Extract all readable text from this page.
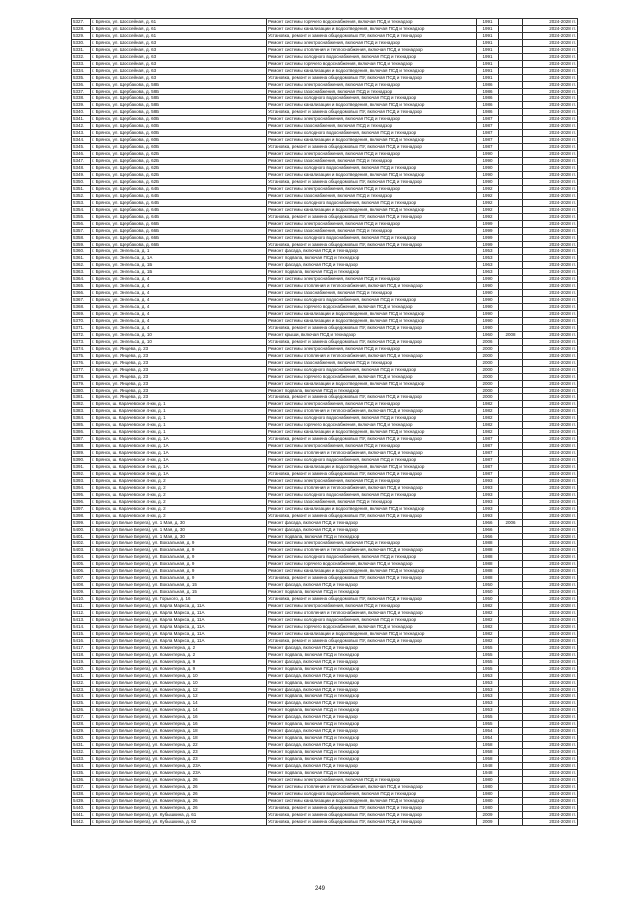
5327.	г. Брянск, ул. Шоссейная, д. 61	Ремонт системы горячего водоснабжения, включая ПСД и технадзор	1991		2024-2028 гг.
5328.	г. Брянск, ул. Шоссейная, д. 61	Ремонт системы канализации и водоотведения, включая ПСД и технадзор	1991		2024-2028 гг.
5329.	г. Брянск, ул. Шоссейная, д. 61	Установка, ремонт и замена общедомовых ПУ, включая ПСД и технадзор	1991		2024-2028 гг.
5330.	г. Брянск, ул. Шоссейная, д. 63	Ремонт системы электроснабжения, включая ПСД и технадзор	1991		2024-2028 гг.
5331.	г. Брянск, ул. Шоссейная, д. 63	Ремонт системы отопления и теплоснабжения, включая ПСД и технадзор	1991		2024-2028 гг.
5332.	г. Брянск, ул. Шоссейная, д. 63	Ремонт системы холодного водоснабжения, включая ПСД и технадзор	1991		2024-2028 гг.
5333.	г. Брянск, ул. Шоссейная, д. 63	Ремонт системы горячего водоснабжения, включая ПСД и технадзор	1991		2024-2028 гг.
5334.	г. Брянск, ул. Шоссейная, д. 63	Ремонт системы канализации и водоотведения, включая ПСД и технадзор	1991		2024-2028 гг.
5335.	г. Брянск, ул. Шоссейная, д. 63	Установка, ремонт и замена общедомовых ПУ, включая ПСД и технадзор	1991		2024-2028 гг.
5336.	г. Брянск, ул. Щербакова, д. 58Б	Ремонт системы электроснабжения, включая ПСД и технадзор	1986		2024-2028 гг.
5337.	г. Брянск, ул. Щербакова, д. 58Б	Ремонт системы газоснабжения, включая ПСД и технадзор	1986		2024-2028 гг.
5338.	г. Брянск, ул. Щербакова, д. 58Б	Ремонт системы холодного водоснабжения, включая ПСД и технадзор	1986		2024-2028 гг.
5339.	г. Брянск, ул. Щербакова, д. 58Б	Ремонт системы канализации и водоотведения, включая ПСД и технадзор	1986		2024-2028 гг.
5340.	г. Брянск, ул. Щербакова, д. 58Б	Установка, ремонт и замена общедомовых ПУ, включая ПСД и технадзор	1986		2024-2028 гг.
5341.	г. Брянск, ул. Щербакова, д. 60Б	Ремонт системы электроснабжения, включая ПСД и технадзор	1987		2024-2028 гг.
5342.	г. Брянск, ул. Щербакова, д. 60Б	Ремонт системы газоснабжения, включая ПСД и технадзор	1987		2024-2028 гг.
5343.	г. Брянск, ул. Щербакова, д. 60Б	Ремонт системы холодного водоснабжения, включая ПСД и технадзор	1987		2024-2028 гг.
5344.	г. Брянск, ул. Щербакова, д. 60Б	Ремонт системы канализации и водоотведения, включая ПСД и технадзор	1987		2024-2028 гг.
5345.	г. Брянск, ул. Щербакова, д. 60Б	Установка, ремонт и замена общедомовых ПУ, включая ПСД и технадзор	1987		2024-2028 гг.
5346.	г. Брянск, ул. Щербакова, д. 62Б	Ремонт системы электроснабжения, включая ПСД и технадзор	1990		2024-2028 гг.
5347.	г. Брянск, ул. Щербакова, д. 62Б	Ремонт системы газоснабжения, включая ПСД и технадзор	1990		2024-2028 гг.
5348.	г. Брянск, ул. Щербакова, д. 62Б	Ремонт системы холодного водоснабжения, включая ПСД и технадзор	1990		2024-2028 гг.
5349.	г. Брянск, ул. Щербакова, д. 62Б	Ремонт системы канализации и водоотведения, включая ПСД и технадзор	1990		2024-2028 гг.
5350.	г. Брянск, ул. Щербакова, д. 62Б	Установка, ремонт и замена общедомовых ПУ, включая ПСД и технадзор	1990		2024-2028 гг.
5351.	г. Брянск, ул. Щербакова, д. 64Б	Ремонт системы электроснабжения, включая ПСД и технадзор	1992		2024-2028 гг.
5352.	г. Брянск, ул. Щербакова, д. 64Б	Ремонт системы газоснабжения, включая ПСД и технадзор	1992		2024-2028 гг.
5353.	г. Брянск, ул. Щербакова, д. 64Б	Ремонт системы холодного водоснабжения, включая ПСД и технадзор	1992		2024-2028 гг.
5354.	г. Брянск, ул. Щербакова, д. 64Б	Ремонт системы канализации и водоотведения, включая ПСД и технадзор	1992		2024-2028 гг.
5355.	г. Брянск, ул. Щербакова, д. 64Б	Установка, ремонт и замена общедомовых ПУ, включая ПСД и технадзор	1992		2024-2028 гг.
5356.	г. Брянск, ул. Щербакова, д. 66Б	Ремонт системы электроснабжения, включая ПСД и технадзор	1999		2024-2028 гг.
5357.	г. Брянск, ул. Щербакова, д. 66Б	Ремонт системы газоснабжения, включая ПСД и технадзор	1999		2024-2028 гг.
5358.	г. Брянск, ул. Щербакова, д. 66Б	Ремонт системы холодного водоснабжения, включая ПСД и технадзор	1999		2024-2028 гг.
5359.	г. Брянск, ул. Щербакова, д. 66Б	Установка, ремонт и замена общедомовых ПУ, включая ПСД и технадзор	1999		2024-2028 гг.
5360.	г. Брянск, ул. Энгельса, д. 1	Ремонт фасада, включая ПСД и технадзор	1953		2024-2028 гг.
5361.	г. Брянск, ул. Энгельса, д. 1А	Ремонт подвала, включая ПСД и технадзор	1953		2024-2028 гг.
5362.	г. Брянск, ул. Энгельса, д. 1Б	Ремонт фасада, включая ПСД и технадзор	1963		2024-2028 гг.
5363.	г. Брянск, ул. Энгельса, д. 1Б	Ремонт подвала, включая ПСД и технадзор	1963		2024-2028 гг.
5364.	г. Брянск, ул. Энгельса, д. 4	Ремонт системы электроснабжения, включая ПСД и технадзор	1990		2024-2028 гг.
5365.	г. Брянск, ул. Энгельса, д. 4	Ремонт системы отопления и теплоснабжения, включая ПСД и технадзор	1990		2024-2028 гг.
5366.	г. Брянск, ул. Энгельса, д. 4	Ремонт системы газоснабжения, включая ПСД и технадзор	1990		2024-2028 гг.
5367.	г. Брянск, ул. Энгельса, д. 4	Ремонт системы холодного водоснабжения, включая ПСД и технадзор	1990		2024-2028 гг.
5368.	г. Брянск, ул. Энгельса, д. 4	Ремонт системы горячего водоснабжения, включая ПСД и технадзор	1990		2024-2028 гг.
5369.	г. Брянск, ул. Энгельса, д. 4	Ремонт системы канализации и водоотведения, включая ПСД и технадзор	1990		2024-2028 гг.
5370.	г. Брянск, ул. Энгельса, д. 4	Ремонт системы канализации и водоотведения, включая ПСД и технадзор	1990		2024-2028 гг.
5371.	г. Брянск, ул. Энгельса, д. 4	Установка, ремонт и замена общедомовых ПУ, включая ПСД и технадзор	1990		2024-2028 гг.
5372.	г. Брянск, ул. Энгельса, д. 10	Ремонт крыши, включая ПСД и технадзор	1960	2008	2024-2028 гг.
5373.	г. Брянск, ул. Энгельса, д. 10	Установка, ремонт и замена общедомовых ПУ, включая ПСД и технадзор	2006		2024-2028 гг.
5374.	г. Брянск, ул. Янцева, д. 23	Ремонт системы электроснабжения, включая ПСД и технадзор	2000		2024-2028 гг.
5375.	г. Брянск, ул. Янцева, д. 23	Ремонт системы отопления и теплоснабжения, включая ПСД и технадзор	2000		2024-2028 гг.
5376.	г. Брянск, ул. Янцева, д. 23	Ремонт системы газоснабжения, включая ПСД и технадзор	2000		2024-2028 гг.
5377.	г. Брянск, ул. Янцева, д. 23	Ремонт системы холодного водоснабжения, включая ПСД и технадзор	2000		2024-2028 гг.
5378.	г. Брянск, ул. Янцева, д. 23	Ремонт системы горячего водоснабжения, включая ПСД и технадзор	2000		2024-2028 гг.
5379.	г. Брянск, ул. Янцева, д. 23	Ремонт системы канализации и водоотведения, включая ПСД и технадзор	2000		2024-2028 гг.
5380.	г. Брянск, ул. Янцева, д. 23	Ремонт подвала, включая ПСД и технадзор	2000		2024-2028 гг.
5381.	г. Брянск, ул. Янцева, д. 23	Установка, ремонт и замена общедомовых ПУ, включая ПСД и технадзор	2000		2024-2028 гг.
5382.	г. Брянск, ш. Карачевское 4-км, д. 1	Ремонт системы электроснабжения, включая ПСД и технадзор	1982		2024-2028 гг.
5383.	г. Брянск, ш. Карачевское 4-км, д. 1	Ремонт системы отопления и теплоснабжения, включая ПСД и технадзор	1982		2024-2028 гг.
5384.	г. Брянск, ш. Карачевское 4-км, д. 1	Ремонт системы холодного водоснабжения, включая ПСД и технадзор	1982		2024-2028 гг.
5385.	г. Брянск, ш. Карачевское 4-км, д. 1	Ремонт системы горячего водоснабжения, включая ПСД и технадзор	1982		2024-2028 гг.
5386.	г. Брянск, ш. Карачевское 4-км, д. 1	Ремонт системы канализации и водоотведения, включая ПСД и технадзор	1982		2024-2028 гг.
5387.	г. Брянск, ш. Карачевское 4-км, д. 1А	Установка, ремонт и замена общедомовых ПУ, включая ПСД и технадзор	1987		2024-2028 гг.
5388.	г. Брянск, ш. Карачевское 4-км, д. 1А	Ремонт системы электроснабжения, включая ПСД и технадзор	1987		2024-2028 гг.
5389.	г. Брянск, ш. Карачевское 4-км, д. 1А	Ремонт системы отопления и теплоснабжения, включая ПСД и технадзор	1987		2024-2028 гг.
5390.	г. Брянск, ш. Карачевское 4-км, д. 1А	Ремонт системы холодного водоснабжения, включая ПСД и технадзор	1987		2024-2028 гг.
5391.	г. Брянск, ш. Карачевское 4-км, д. 1А	Ремонт системы канализации и водоотведения, включая ПСД и технадзор	1987		2024-2028 гг.
5392.	г. Брянск, ш. Карачевское 4-км, д. 1А	Установка, ремонт и замена общедомовых ПУ, включая ПСД и технадзор	1987		2024-2028 гг.
5393.	г. Брянск, ш. Карачевское 4-км, д. 2	Ремонт системы электроснабжения, включая ПСД и технадзор	1993		2024-2028 гг.
5394.	г. Брянск, ш. Карачевское 4-км, д. 2	Ремонт системы отопления и теплоснабжения, включая ПСД и технадзор	1993		2024-2028 гг.
5395.	г. Брянск, ш. Карачевское 4-км, д. 2	Ремонт системы холодного водоснабжения, включая ПСД и технадзор	1993		2024-2028 гг.
5396.	г. Брянск, ш. Карачевское 4-км, д. 2	Ремонт системы газоснабжения, включая ПСД и технадзор	1993		2024-2028 гг.
5397.	г. Брянск, ш. Карачевское 4-км, д. 2	Ремонт системы канализации и водоотведения, включая ПСД и технадзор	1993		2024-2028 гг.
5398.	г. Брянск, ш. Карачевское 4-км, д. 2	Установка, ремонт и замена общедомовых ПУ, включая ПСД и технадзор	1993		2024-2028 гг.
5399.	г. Брянск (рп Белые Берега), ул. 1 Мая, д. 30	Ремонт фасада, включая ПСД и технадзор	1966	2006	2024-2028 гг.
5400.	г. Брянск (рп Белые Берега), ул. 1 Мая, д. 30	Ремонт фасада, включая ПСД и технадзор	1966		2024-2028 гг.
5401.	г. Брянск (рп Белые Берега), ул. 1 Мая, д. 30	Ремонт подвала, включая ПСД и технадзор	1966		2024-2028 гг.
5402.	г. Брянск (рп Белые Берега), ул. Вокзальная, д. 9	Ремонт системы электроснабжения, включая ПСД и технадзор	1988		2024-2028 гг.
5403.	г. Брянск (рп Белые Берега), ул. Вокзальная, д. 9	Ремонт системы отопления и теплоснабжения, включая ПСД и технадзор	1988		2024-2028 гг.
5404.	г. Брянск (рп Белые Берега), ул. Вокзальная, д. 9	Ремонт системы холодного водоснабжения, включая ПСД и технадзор	1988		2024-2028 гг.
5405.	г. Брянск (рп Белые Берега), ул. Вокзальная, д. 9	Ремонт системы горячего водоснабжения, включая ПСД и технадзор	1988		2024-2028 гг.
5406.	г. Брянск (рп Белые Берега), ул. Вокзальная, д. 9	Ремонт системы канализации и водоотведения, включая ПСД и технадзор	1988		2024-2028 гг.
5407.	г. Брянск (рп Белые Берега), ул. Вокзальная, д. 9	Установка, ремонт и замена общедомовых ПУ, включая ПСД и технадзор	1988		2024-2028 гг.
5408.	г. Брянск (рп Белые Берега), ул. Вокзальная, д. 15	Ремонт фасада, включая ПСД и технадзор	1950		2024-2028 гг.
5409.	г. Брянск (рп Белые Берега), ул. Вокзальная, д. 15	Ремонт подвала, включая ПСД и технадзор	1950		2024-2028 гг.
5410.	г. Брянск (рп Белые Берега), ул. Горького, д. 16	Установка, ремонт и замена общедомовых ПУ, включая ПСД и технадзор	1950		2024-2028 гг.
5411.	г. Брянск (рп Белые Берега), ул. Карла Маркса, д. 11А	Ремонт системы электроснабжения, включая ПСД и технадзор	1982		2024-2028 гг.
5412.	г. Брянск (рп Белые Берега), ул. Карла Маркса, д. 11А	Ремонт системы отопления и теплоснабжения, включая ПСД и технадзор	1982		2024-2028 гг.
5413.	г. Брянск (рп Белые Берега), ул. Карла Маркса, д. 11А	Ремонт системы холодного водоснабжения, включая ПСД и технадзор	1982		2024-2028 гг.
5414.	г. Брянск (рп Белые Берега), ул. Карла Маркса, д. 11А	Ремонт системы горячего водоснабжения, включая ПСД и технадзор	1982		2024-2028 гг.
5415.	г. Брянск (рп Белые Берега), ул. Карла Маркса, д. 11А	Ремонт системы канализации и водоотведения, включая ПСД и технадзор	1982		2024-2028 гг.
5416.	г. Брянск (рп Белые Берега), ул. Карла Маркса, д. 11А	Установка, ремонт и замена общедомовых ПУ, включая ПСД и технадзор	1982		2024-2028 гг.
5417.	г. Брянск (рп Белые Берега), ул. Коминтерна, д. 2	Ремонт фасада, включая ПСД и технадзор	1955		2024-2028 гг.
5418.	г. Брянск (рп Белые Берега), ул. Коминтерна, д. 2	Ремонт подвала, включая ПСД и технадзор	1955		2024-2028 гг.
5419.	г. Брянск (рп Белые Берега), ул. Коминтерна, д. 9	Ремонт фасада, включая ПСД и технадзор	1955		2024-2028 гг.
5420.	г. Брянск (рп Белые Берега), ул. Коминтерна, д. 9	Ремонт подвала, включая ПСД и технадзор	1955		2024-2028 гг.
5421.	г. Брянск (рп Белые Берега), ул. Коминтерна, д. 10	Ремонт фасада, включая ПСД и технадзор	1953		2024-2028 гг.
5422.	г. Брянск (рп Белые Берега), ул. Коминтерна, д. 10	Ремонт подвала, включая ПСД и технадзор	1953		2024-2028 гг.
5423.	г. Брянск (рп Белые Берега), ул. Коминтерна, д. 12	Ремонт фасада, включая ПСД и технадзор	1953		2024-2028 гг.
5424.	г. Брянск (рп Белые Берега), ул. Коминтерна, д. 12	Ремонт подвала, включая ПСД и технадзор	1953		2024-2028 гг.
5425.	г. Брянск (рп Белые Берега), ул. Коминтерна, д. 14	Ремонт фасада, включая ПСД и технадзор	1953		2024-2028 гг.
5426.	г. Брянск (рп Белые Берега), ул. Коминтерна, д. 14	Ремонт подвала, включая ПСД и технадзор	1953		2024-2028 гг.
5427.	г. Брянск (рп Белые Берега), ул. Коминтерна, д. 16	Ремонт фасада, включая ПСД и технадзор	1955		2024-2028 гг.
5428.	г. Брянск (рп Белые Берега), ул. Коминтерна, д. 16	Ремонт подвала, включая ПСД и технадзор	1955		2024-2028 гг.
5429.	г. Брянск (рп Белые Берега), ул. Коминтерна, д. 18	Ремонт фасада, включая ПСД и технадзор	1954		2024-2028 гг.
5430.	г. Брянск (рп Белые Берега), ул. Коминтерна, д. 18	Ремонт подвала, включая ПСД и технадзор	1954		2024-2028 гг.
5431.	г. Брянск (рп Белые Берега), ул. Коминтерна, д. 22	Ремонт фасада, включая ПСД и технадзор	1958		2024-2028 гг.
5432.	г. Брянск (рп Белые Берега), ул. Коминтерна, д. 23	Ремонт подвала, включая ПСД и технадзор	1958		2024-2028 гг.
5433.	г. Брянск (рп Белые Берега), ул. Коминтерна, д. 23	Ремонт подвала, включая ПСД и технадзор	1958		2024-2028 гг.
5434.	г. Брянск (рп Белые Берега), ул. Коминтерна, д. 23А	Ремонт фасада, включая ПСД и технадзор	1948		2024-2028 гг.
5435.	г. Брянск (рп Белые Берега), ул. Коминтерна, д. 23А	Ремонт подвала, включая ПСД и технадзор	1948		2024-2028 гг.
5436.	г. Брянск (рп Белые Берега), ул. Коминтерна, д. 26	Ремонт системы электроснабжения, включая ПСД и технадзор	1980		2024-2028 гг.
5437.	г. Брянск (рп Белые Берега), ул. Коминтерна, д. 26	Ремонт системы отопления и теплоснабжения, включая ПСД и технадзор	1980		2024-2028 гг.
5438.	г. Брянск (рп Белые Берега), ул. Коминтерна, д. 26	Ремонт системы холодного водоснабжения, включая ПСД и технадзор	1980		2024-2028 гг.
5439.	г. Брянск (рп Белые Берега), ул. Коминтерна, д. 26	Ремонт системы канализации и водоотведения, включая ПСД и технадзор	1980		2024-2028 гг.
5440.	г. Брянск (рп Белые Берега), ул. Коминтерна, д. 26	Установка, ремонт и замена общедомовых ПУ, включая ПСД и технадзор	1980		2024-2028 гг.
5441.	г. Брянск (рп Белые Берега), ул. Кубышкина, д. 61	Установка, ремонт и замена общедомовых ПУ, включая ПСД и технадзор	2009		2024-2028 гг.
5442.	г. Брянск (рп Белые Берега), ул. Кубышкина, д. 62	Установка, ремонт и замена общедомовых ПУ, включая ПСД и технадзор	2009		2024-2028 гг.
249
